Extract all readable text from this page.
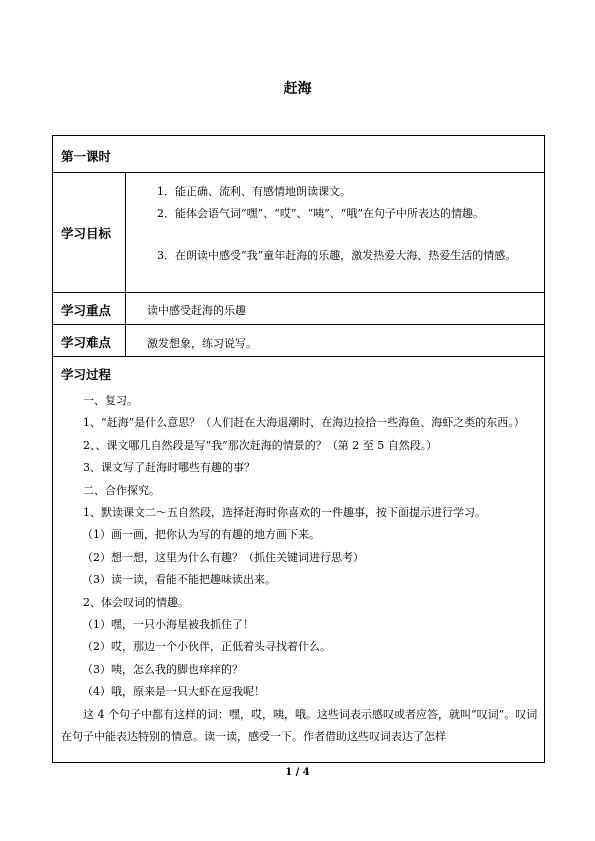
赶海
第一课时
学习目标

1．能正确、流利、有感情地朗读课文。

2．能体会语气词“嘿”、“哎”、“咦”、“哦”在句子中所表达的情趣。

3．在朗读中感受“我”童年赶海的乐趣，激发热爱大海、热爱生活的情感。

学习重点	读中感受赶海的乐趣
学习难点	激发想象，练习说写。
学习过程

一、复习。

1、“赶海”是什么意思？（人们赶在大海退潮时，在海边捡拾一些海鱼、海虾之类的东西。）

2、、课文哪几自然段是写“我”那次赶海的情景的？（第 2 至 5 自然段。）

3、课文写了赶海时哪些有趣的事？

二、合作探究。

1、默读课文二～五自然段，选择赶海时你喜欢的一件趣事，按下面提示进行学习。

（1）画一画，把你认为写的有趣的地方画下来。

（2）想一想，这里为什么有趣？（抓住关键词进行思考）

（3）读一读，看能不能把趣味读出来。

2、体会叹词的情趣。

（1）嘿，一只小海星被我抓住了！

（2）哎，那边一个小伙伴，正低着头寻找着什么。

（3）咦，怎么我的脚也痒痒的？

（4）哦，原来是一只大虾在逗我呢！

这 4 个句子中都有这样的词：嘿，哎，咦，哦。这些词表示感叹或者应答，就叫“叹词”。叹词在句子中能表达特别的情意。读一读，感受一下。作者借助这些叹词表达了怎样

1 / 4
